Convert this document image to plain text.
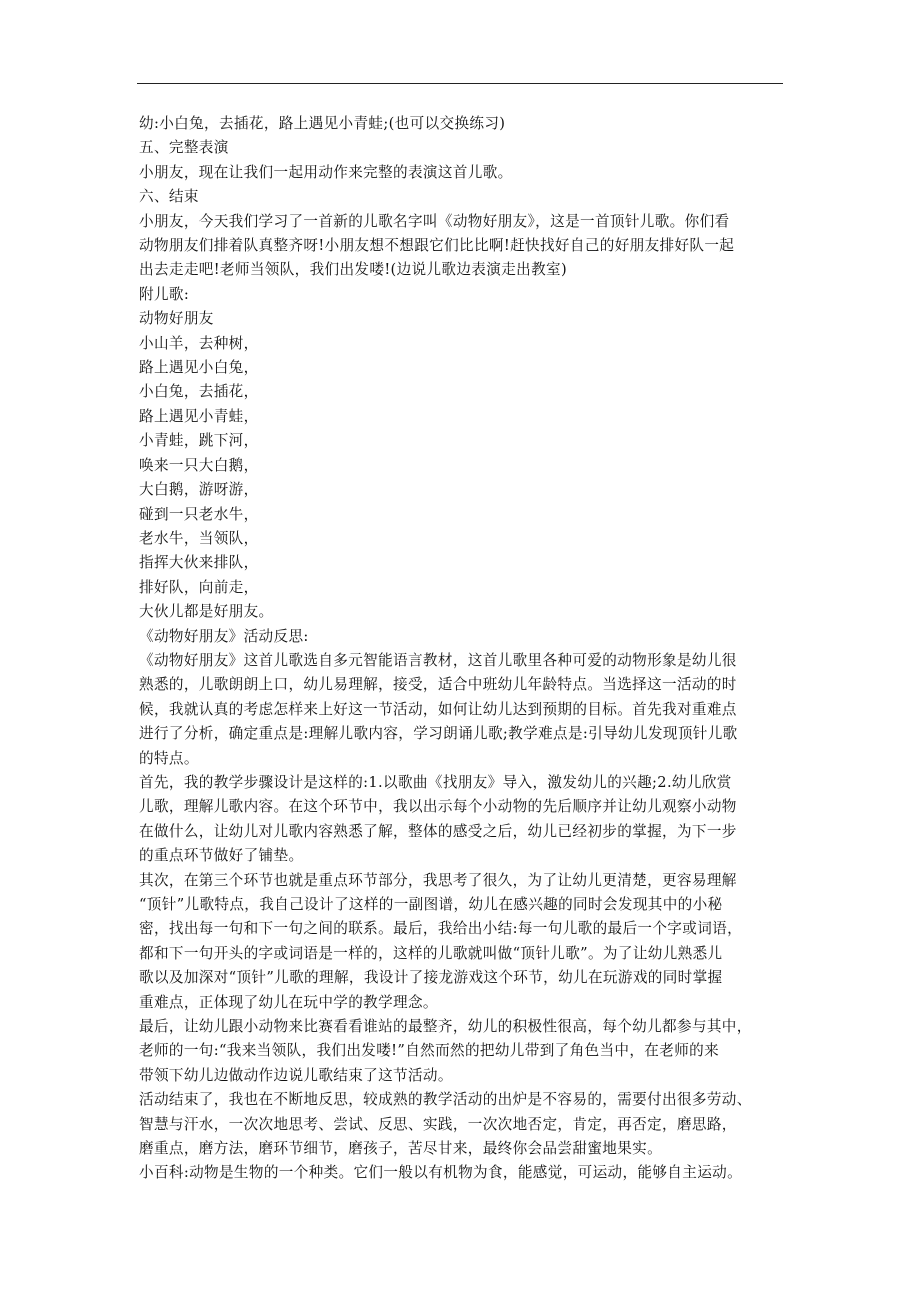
幼:小白兔，去插花，路上遇见小青蛙;(也可以交换练习)
五、完整表演
小朋友，现在让我们一起用动作来完整的表演这首儿歌。
六、结束
小朋友，今天我们学习了一首新的儿歌名字叫《动物好朋友》，这是一首顶针儿歌。你们看
动物朋友们排着队真整齐呀!小朋友想不想跟它们比比啊!赶快找好自己的好朋友排好队一起
出去走走吧!老师当领队，我们出发喽!(边说儿歌边表演走出教室)
附儿歌:
动物好朋友
小山羊，去种树，
路上遇见小白兔，
小白兔，去插花，
路上遇见小青蛙，
小青蛙，跳下河，
唤来一只大白鹅，
大白鹅，游呀游，
碰到一只老水牛，
老水牛，当领队，
指挥大伙来排队，
排好队，向前走，
大伙儿都是好朋友。
《动物好朋友》活动反思:
《动物好朋友》这首儿歌选自多元智能语言教材，这首儿歌里各种可爱的动物形象是幼儿很
熟悉的，儿歌朗朗上口，幼儿易理解，接受，适合中班幼儿年龄特点。当选择这一活动的时
候，我就认真的考虑怎样来上好这一节活动，如何让幼儿达到预期的目标。首先我对重难点
进行了分析，确定重点是:理解儿歌内容，学习朗诵儿歌;教学难点是:引导幼儿发现顶针儿歌
的特点。
首先，我的教学步骤设计是这样的:1.以歌曲《找朋友》导入，激发幼儿的兴趣;2.幼儿欣赏
儿歌，理解儿歌内容。在这个环节中，我以出示每个小动物的先后顺序并让幼儿观察小动物
在做什么，让幼儿对儿歌内容熟悉了解，整体的感受之后，幼儿已经初步的掌握，为下一步
的重点环节做好了铺垫。
其次，在第三个环节也就是重点环节部分，我思考了很久，为了让幼儿更清楚，更容易理解
“顶针”儿歌特点，我自己设计了这样的一副图谱，幼儿在感兴趣的同时会发现其中的小秘
密，找出每一句和下一句之间的联系。最后，我给出小结:每一句儿歌的最后一个字或词语，
都和下一句开头的字或词语是一样的，这样的儿歌就叫做“顶针儿歌”。为了让幼儿熟悉儿
歌以及加深对“顶针”儿歌的理解，我设计了接龙游戏这个环节，幼儿在玩游戏的同时掌握
重难点，正体现了幼儿在玩中学的教学理念。
最后，让幼儿跟小动物来比赛看看谁站的最整齐，幼儿的积极性很高，每个幼儿都参与其中，
老师的一句:“我来当领队，我们出发喽!”自然而然的把幼儿带到了角色当中，在老师的来
带领下幼儿边做动作边说儿歌结束了这节活动。
活动结束了，我也在不断地反思，较成熟的教学活动的出炉是不容易的，需要付出很多劳动、
智慧与汗水，一次次地思考、尝试、反思、实践，一次次地否定，肯定，再否定，磨思路，
磨重点，磨方法，磨环节细节，磨孩子，苦尽甘来，最终你会品尝甜蜜地果实。
小百科:动物是生物的一个种类。它们一般以有机物为食，能感觉，可运动，能够自主运动。
